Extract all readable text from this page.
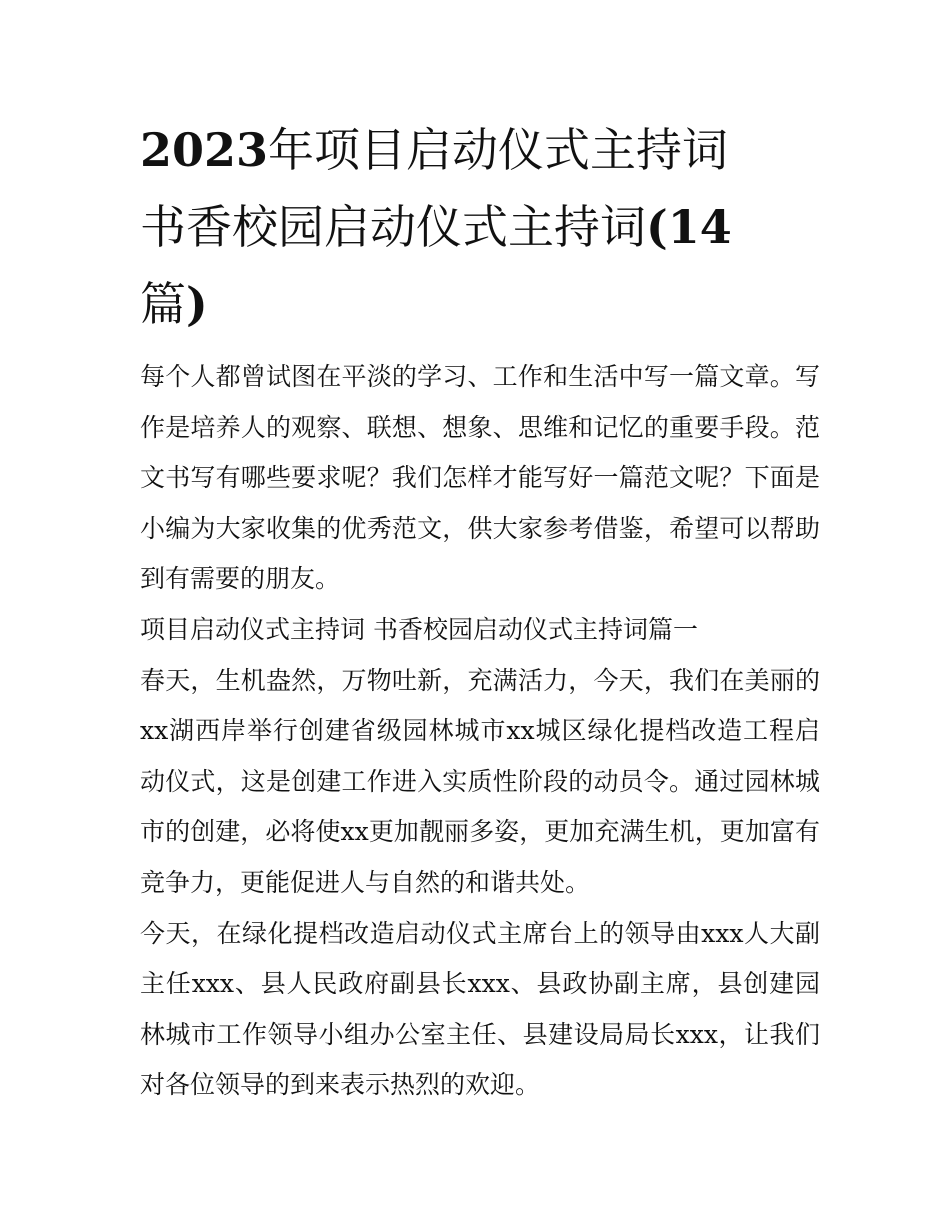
2023年项目启动仪式主持词
书香校园启动仪式主持词(14
篇)

每个人都曾试图在平淡的学习、工作和生活中写一篇文章。写作是培养人的观察、联想、想象、思维和记忆的重要手段。范文书写有哪些要求呢？我们怎样才能写好一篇范文呢？下面是小编为大家收集的优秀范文，供大家参考借鉴，希望可以帮助到有需要的朋友。

项目启动仪式主持词 书香校园启动仪式主持词篇一

春天，生机盎然，万物吐新，充满活力，今天，我们在美丽的xx湖西岸举行创建省级园林城市xx城区绿化提档改造工程启动仪式，这是创建工作进入实质性阶段的动员令。通过园林城市的创建，必将使xx更加靓丽多姿，更加充满生机，更加富有竞争力，更能促进人与自然的和谐共处。

今天，在绿化提档改造启动仪式主席台上的领导由xxx人大副主任xxx、县人民政府副县长xxx、县政协副主席，县创建园林城市工作领导小组办公室主任、县建设局局长xxx，让我们对各位领导的到来表示热烈的欢迎。
